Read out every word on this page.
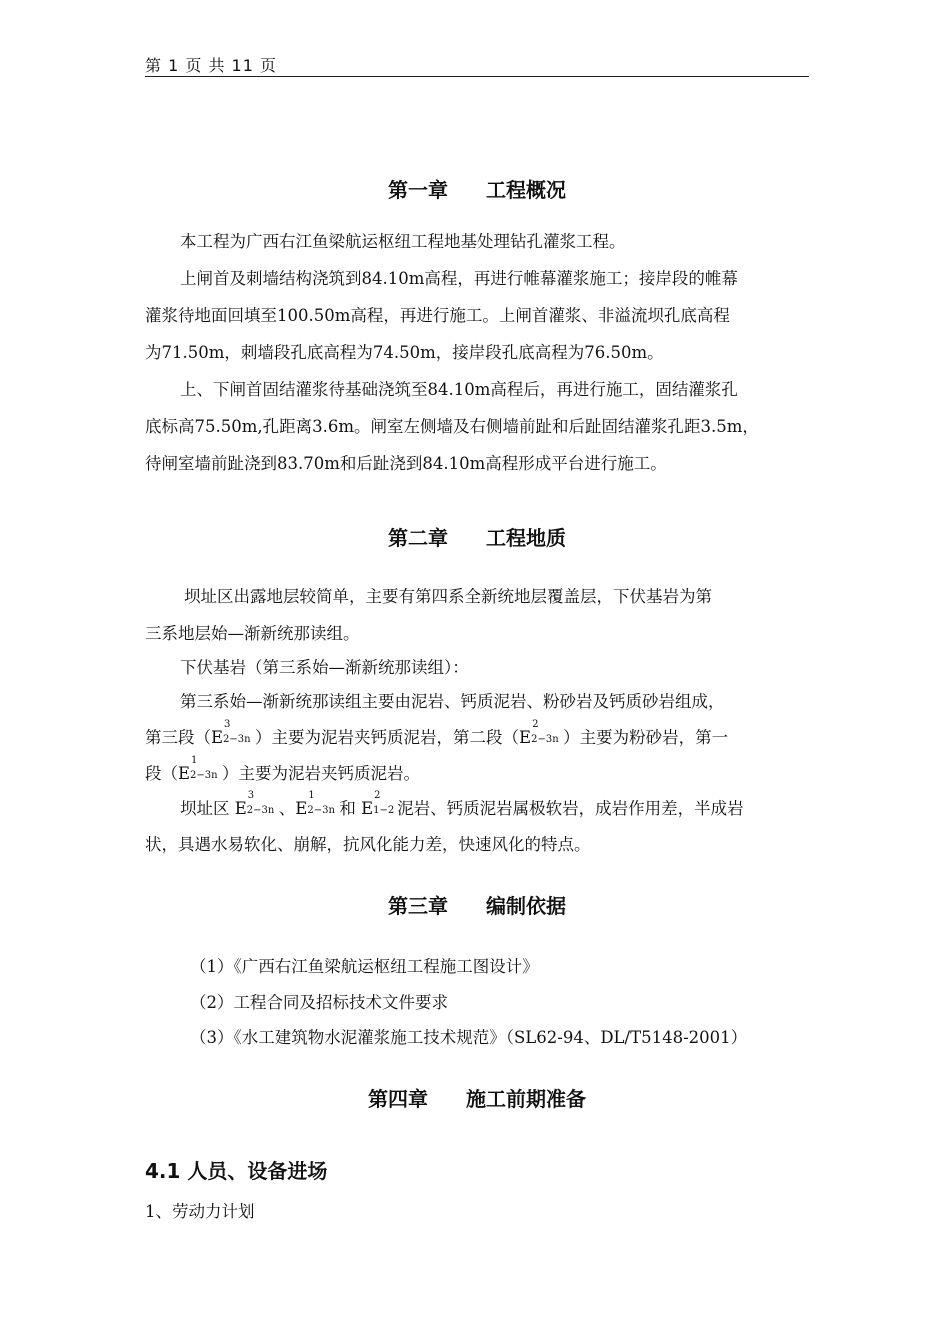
第 1 页 共 11 页
第一章 工程概况
本工程为广西右江鱼梁航运枢纽工程地基处理钻孔灌浆工程。
上闸首及刺墙结构浇筑到84.10m高程，再进行帷幕灌浆施工；接岸段的帷幕
灌浆待地面回填至100.50m高程，再进行施工。上闸首灌浆、非溢流坝孔底高程
为71.50m，刺墙段孔底高程为74.50m，接岸段孔底高程为76.50m。
上、下闸首固结灌浆待基础浇筑至84.10m高程后，再进行施工，固结灌浆孔
底标高75.50m,孔距离3.6m。闸室左侧墙及右侧墙前趾和后趾固结灌浆孔距3.5m，
待闸室墙前趾浇到83.70m和后趾浇到84.10m高程形成平台进行施工。
第二章 工程地质
坝址区出露地层较简单，主要有第四系全新统地层覆盖层，下伏基岩为第
三系地层始—渐新统那读组。
下伏基岩（第三系始—渐新统那读组）：
第三系始—渐新统那读组主要由泥岩、钙质泥岩、粉砂岩及钙质砂岩组成，
第三段（E
3
2−3n ）主要为泥岩夹钙质泥岩，第二段（E
2
2−3n ）主要为粉砂岩，第一
段（E
1
2−3n ）主要为泥岩夹钙质泥岩。
坝址区 E
3
2−3n 、E
1
2−3n 和 E
2
1−2 泥岩、钙质泥岩属极软岩，成岩作用差，半成岩
状，具遇水易软化、崩解，抗风化能力差，快速风化的特点。
第三章 编制依据
（1）《广西右江鱼梁航运枢纽工程施工图设计》
（2）工程合同及招标技术文件要求
（3）《水工建筑物水泥灌浆施工技术规范》（SL62-94、DL/T5148-2001）
第四章 施工前期准备
4.1 人员、设备进场
1、劳动力计划
